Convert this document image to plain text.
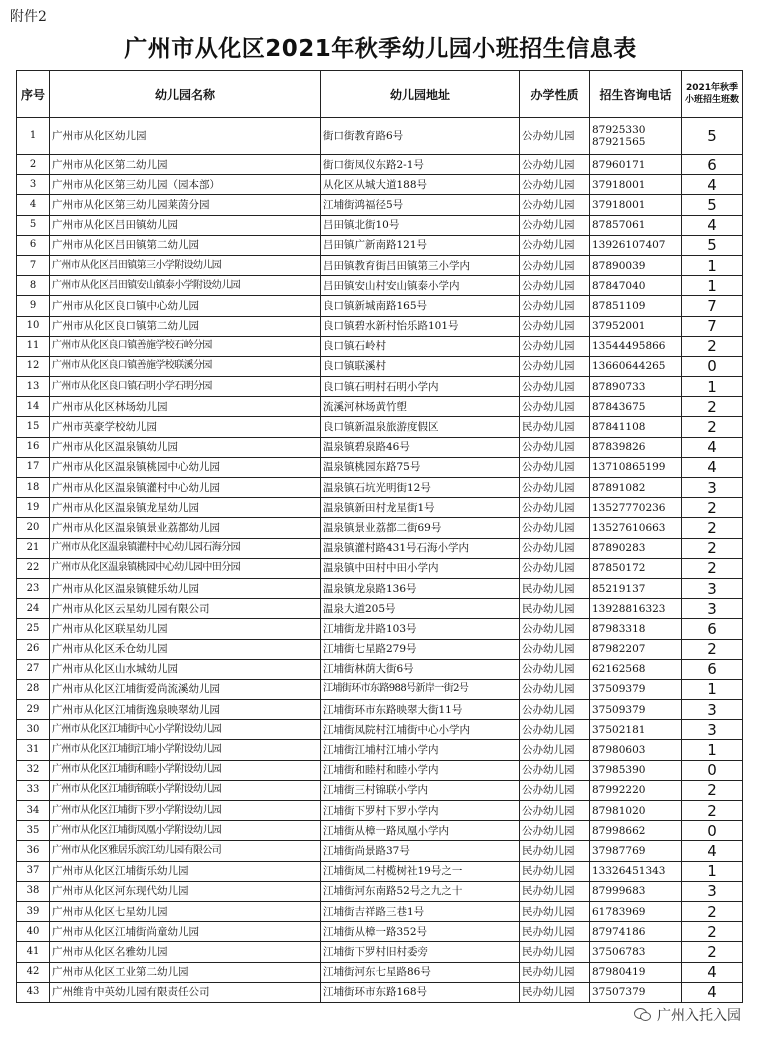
附件2
广州市从化区2021年秋季幼儿园小班招生信息表
序号	幼儿园名称	幼儿园地址	办学性质	招生咨询电话	2021年秋季小班招生班数
1	广州市从化区幼儿园	街口街教育路6号	公办幼儿园	87925330 87921565	5
2	广州市从化区第二幼儿园	街口街凤仪东路2-1号	公办幼儿园	87960171	6
3	广州市从化区第三幼儿园（园本部）	从化区从城大道188号	公办幼儿园	37918001	4
4	广州市从化区第三幼儿园莱茵分园	江埔街鸿福径5号	公办幼儿园	37918001	5
5	广州市从化区吕田镇幼儿园	吕田镇北街10号	公办幼儿园	87857061	4
6	广州市从化区吕田镇第二幼儿园	吕田镇广新南路121号	公办幼儿园	13926107407	5
7	广州市从化区吕田镇第三小学附设幼儿园	吕田镇教育街吕田镇第三小学内	公办幼儿园	87890039	1
8	广州市从化区吕田镇安山镇泰小学附设幼儿园	吕田镇安山村安山镇泰小学内	公办幼儿园	87847040	1
9	广州市从化区良口镇中心幼儿园	良口镇新城南路165号	公办幼儿园	87851109	7
10	广州市从化区良口镇第二幼儿园	良口镇碧水新村怡乐路101号	公办幼儿园	37952001	7
11	广州市从化区良口镇善施学校石岭分园	良口镇石岭村	公办幼儿园	13544495866	2
12	广州市从化区良口镇善施学校联溪分园	良口镇联溪村	公办幼儿园	13660644265	0
13	广州市从化区良口镇石明小学石明分园	良口镇石明村石明小学内	公办幼儿园	87890733	1
14	广州市从化区林场幼儿园	流溪河林场黄竹塱	公办幼儿园	87843675	2
15	广州市英豪学校幼儿园	良口镇新温泉旅游度假区	民办幼儿园	87841108	2
16	广州市从化区温泉镇幼儿园	温泉镇碧泉路46号	公办幼儿园	87839826	4
17	广州市从化区温泉镇桃园中心幼儿园	温泉镇桃园东路75号	公办幼儿园	13710865199	4
18	广州市从化区温泉镇灌村中心幼儿园	温泉镇石坑光明街12号	公办幼儿园	87891082	3
19	广州市从化区温泉镇龙星幼儿园	温泉镇新田村龙星街1号	公办幼儿园	13527770236	2
20	广州市从化区温泉镇景业荔都幼儿园	温泉镇景业荔都二街69号	公办幼儿园	13527610663	2
21	广州市从化区温泉镇灌村中心幼儿园石海分园	温泉镇灌村路431号石海小学内	公办幼儿园	87890283	2
22	广州市从化区温泉镇桃园中心幼儿园中田分园	温泉镇中田村中田小学内	公办幼儿园	87850172	2
23	广州市从化区温泉镇健乐幼儿园	温泉镇龙泉路136号	民办幼儿园	85219137	3
24	广州市从化区云星幼儿园有限公司	温泉大道205号	民办幼儿园	13928816323	3
25	广州市从化区联星幼儿园	江埔街龙井路103号	公办幼儿园	87983318	6
26	广州市从化区禾仓幼儿园	江埔街七星路279号	公办幼儿园	87982207	2
27	广州市从化区山水城幼儿园	江埔街林荫大街6号	公办幼儿园	62162568	6
28	广州市从化区江埔街爱尚流溪幼儿园	江埔街环市东路988号新岸一街2号	公办幼儿园	37509379	1
29	广州市从化区江埔街逸泉映翠幼儿园	江埔街环市东路映翠大街11号	公办幼儿园	37509379	3
30	广州市从化区江埔街中心小学附设幼儿园	江埔街凤院村江埔街中心小学内	公办幼儿园	37502181	3
31	广州市从化区江埔街江埔小学附设幼儿园	江埔街江埔村江埔小学内	公办幼儿园	87980603	1
32	广州市从化区江埔街和睦小学附设幼儿园	江埔街和睦村和睦小学内	公办幼儿园	37985390	0
33	广州市从化区江埔街锦联小学附设幼儿园	江埔街三村锦联小学内	公办幼儿园	87992220	2
34	广州市从化区江埔街下罗小学附设幼儿园	江埔街下罗村下罗小学内	公办幼儿园	87981020	2
35	广州市从化区江埔街凤凰小学附设幼儿园	江埔街从樟一路凤凰小学内	公办幼儿园	87998662	0
36	广州市从化区雅居乐滨江幼儿园有限公司	江埔街尚景路37号	民办幼儿园	37987769	4
37	广州市从化区江埔街乐幼儿园	江埔街凤二村榄树社19号之一	民办幼儿园	13326451343	1
38	广州市从化区河东现代幼儿园	江埔街河东南路52号之九之十	民办幼儿园	87999683	3
39	广州市从化区七星幼儿园	江埔街吉祥路三巷1号	民办幼儿园	61783969	2
40	广州市从化区江埔街尚童幼儿园	江埔街从樟一路352号	民办幼儿园	87974186	2
41	广州市从化区名雅幼儿园	江埔街下罗村旧村委旁	民办幼儿园	37506783	2
42	广州市从化区工业第二幼儿园	江埔街河东七星路86号	民办幼儿园	87980419	4
43	广州维肯中英幼儿园有限责任公司	江埔街环市东路168号	民办幼儿园	37507379	4
广州入托入园
